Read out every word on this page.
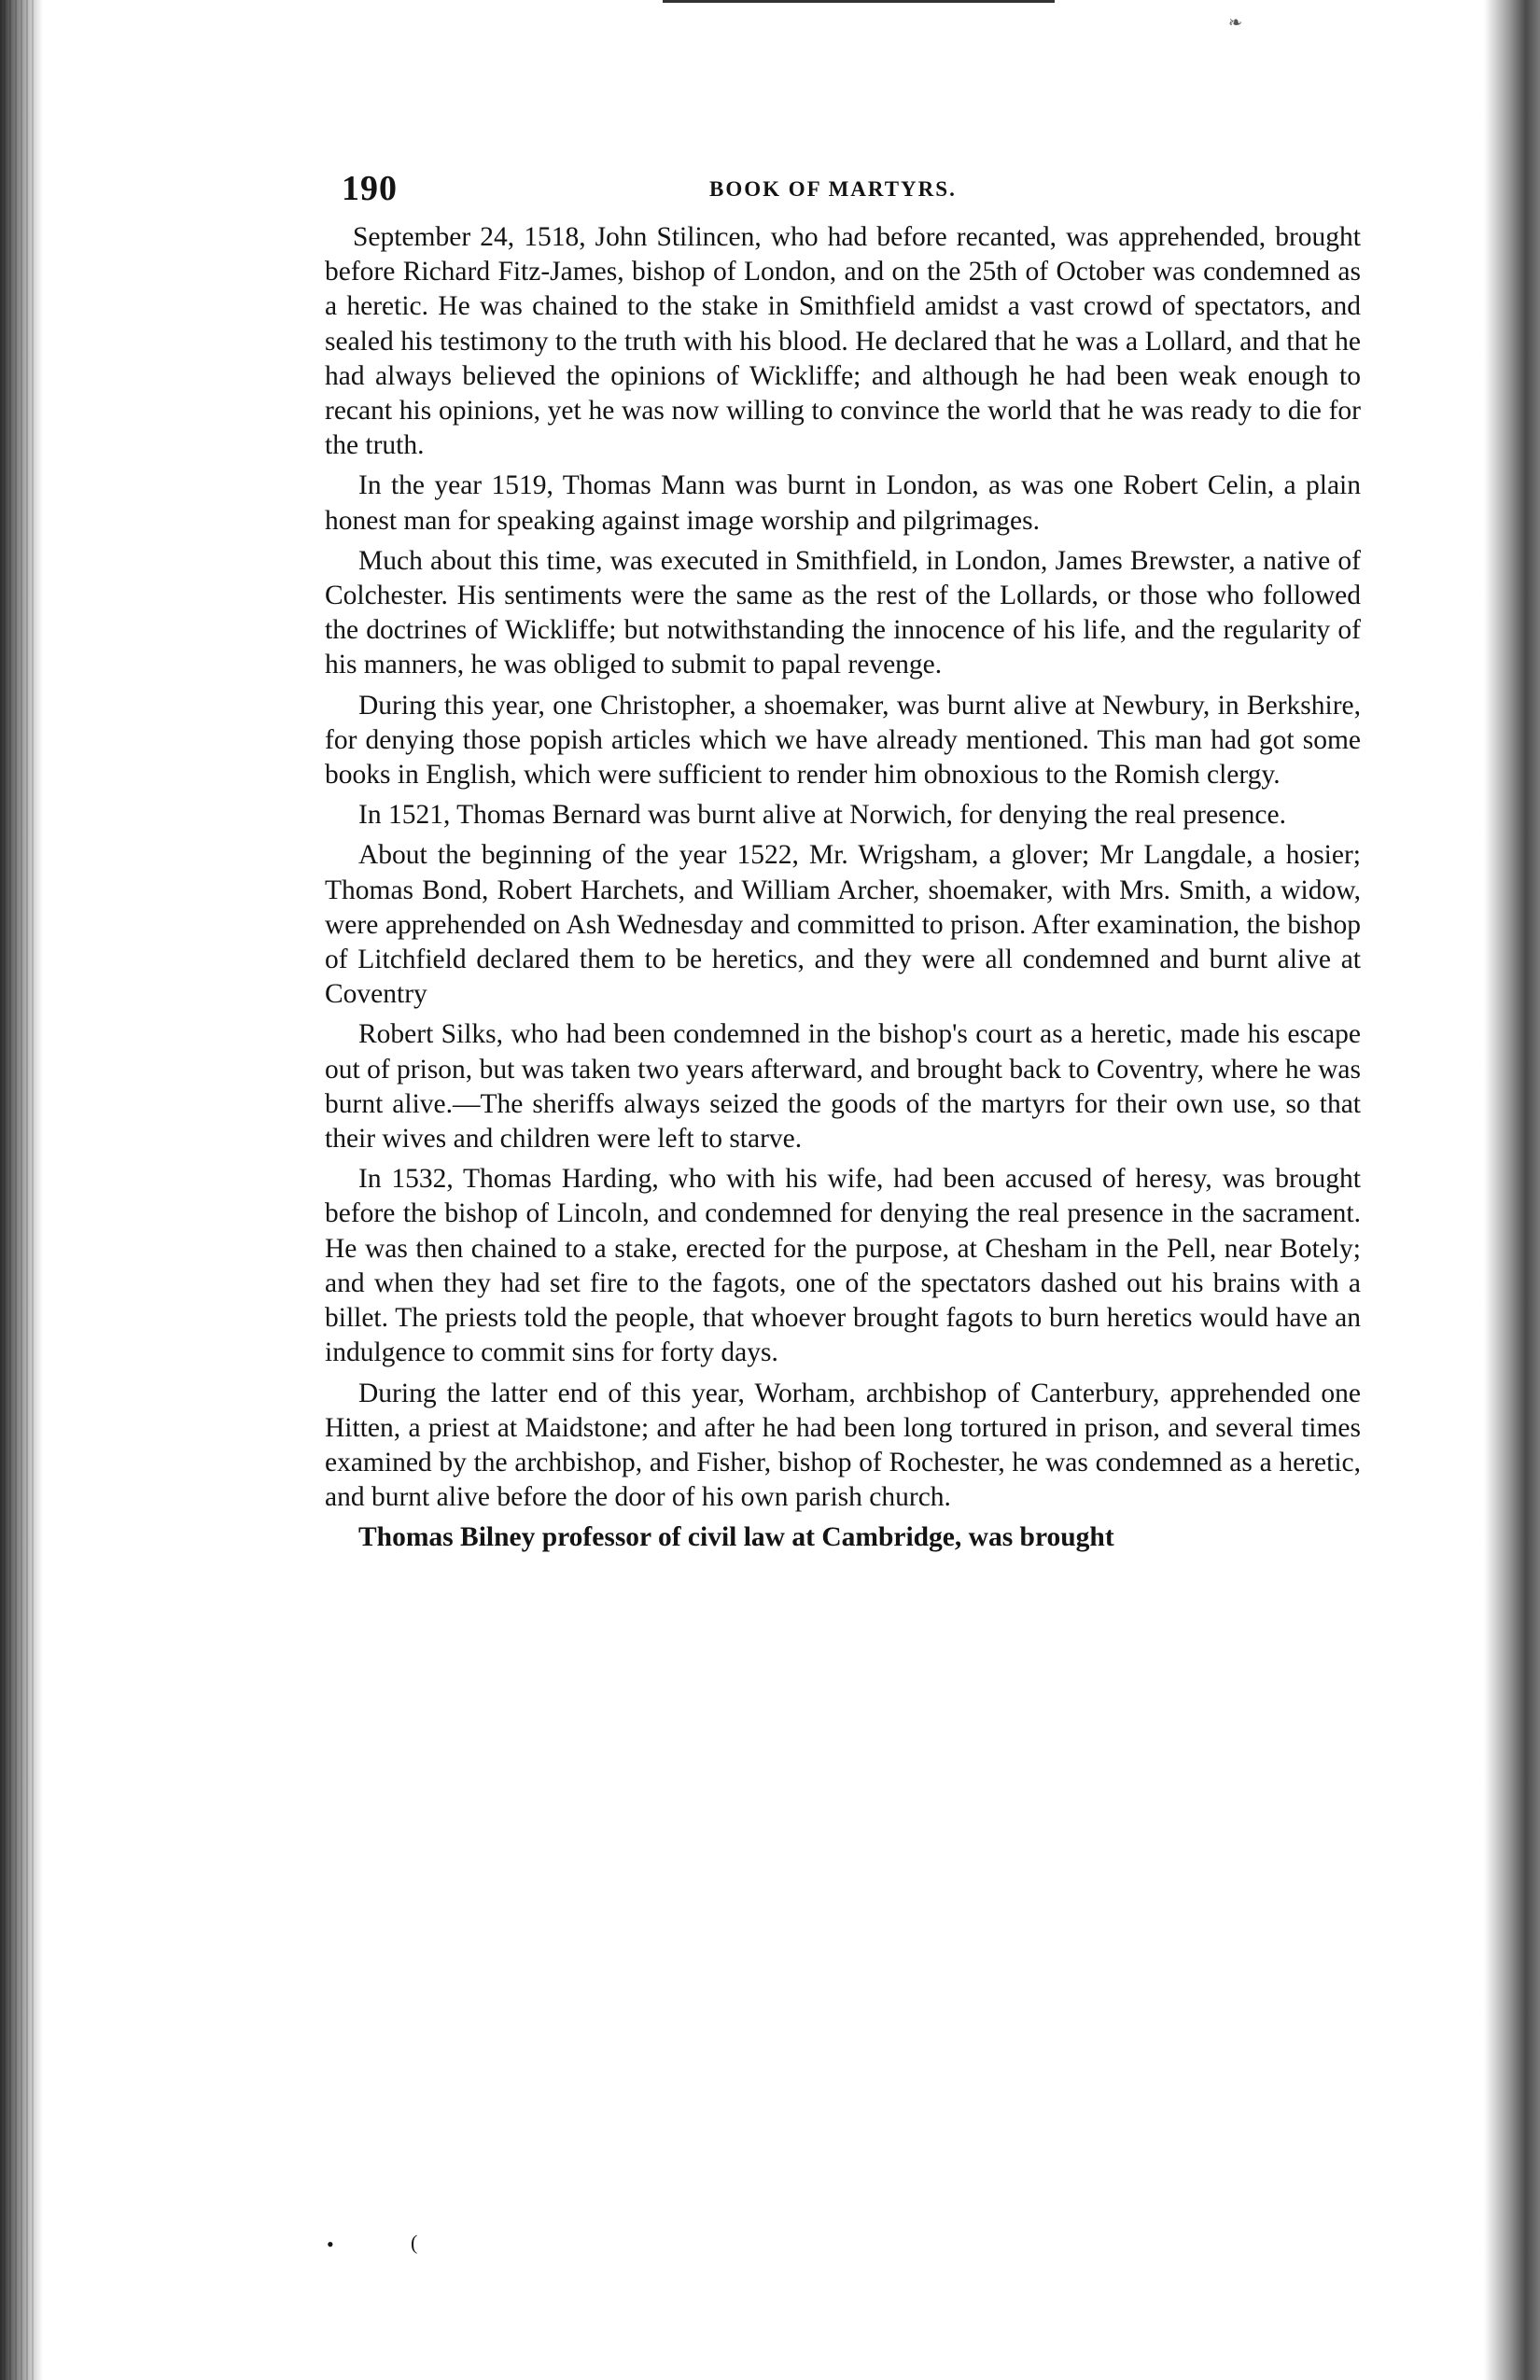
❧
190	BOOK OF MARTYRS.

September 24, 1518, John Stilincen, who had before recanted, was apprehended, brought before Richard Fitz-James, bishop of London, and on the 25th of October was condemned as a heretic. He was chained to the stake in Smithfield amidst a vast crowd of spectators, and sealed his testimony to the truth with his blood. He declared that he was a Lollard, and that he had always believed the opinions of Wickliffe; and although he had been weak enough to recant his opinions, yet he was now willing to convince the world that he was ready to die for the truth.

In the year 1519, Thomas Mann was burnt in London, as was one Robert Celin, a plain honest man for speaking against image worship and pilgrimages.

Much about this time, was executed in Smithfield, in London, James Brewster, a native of Colchester. His sentiments were the same as the rest of the Lollards, or those who followed the doctrines of Wickliffe; but notwithstanding the innocence of his life, and the regularity of his manners, he was obliged to submit to papal revenge.

During this year, one Christopher, a shoemaker, was burnt alive at Newbury, in Berkshire, for denying those popish articles which we have already mentioned. This man had got some books in English, which were sufficient to render him obnoxious to the Romish clergy.

In 1521, Thomas Bernard was burnt alive at Norwich, for denying the real presence.

About the beginning of the year 1522, Mr. Wrigsham, a glover; Mr Langdale, a hosier; Thomas Bond, Robert Harchets, and William Archer, shoemaker, with Mrs. Smith, a widow, were apprehended on Ash Wednesday and committed to prison. After examination, the bishop of Litchfield declared them to be heretics, and they were all condemned and burnt alive at Coventry

Robert Silks, who had been condemned in the bishop's court as a heretic, made his escape out of prison, but was taken two years afterward, and brought back to Coventry, where he was burnt alive.—The sheriffs always seized the goods of the martyrs for their own use, so that their wives and children were left to starve.

In 1532, Thomas Harding, who with his wife, had been accused of heresy, was brought before the bishop of Lincoln, and condemned for denying the real presence in the sacrament. He was then chained to a stake, erected for the purpose, at Chesham in the Pell, near Botely; and when they had set fire to the fagots, one of the spectators dashed out his brains with a billet. The priests told the people, that whoever brought fagots to burn heretics would have an indulgence to commit sins for forty days.

During the latter end of this year, Worham, archbishop of Canterbury, apprehended one Hitten, a priest at Maidstone; and after he had been long tortured in prison, and several times examined by the archbishop, and Fisher, bishop of Rochester, he was condemned as a heretic, and burnt alive before the door of his own parish church.

Thomas Bilney professor of civil law at Cambridge, was brought

•	(
